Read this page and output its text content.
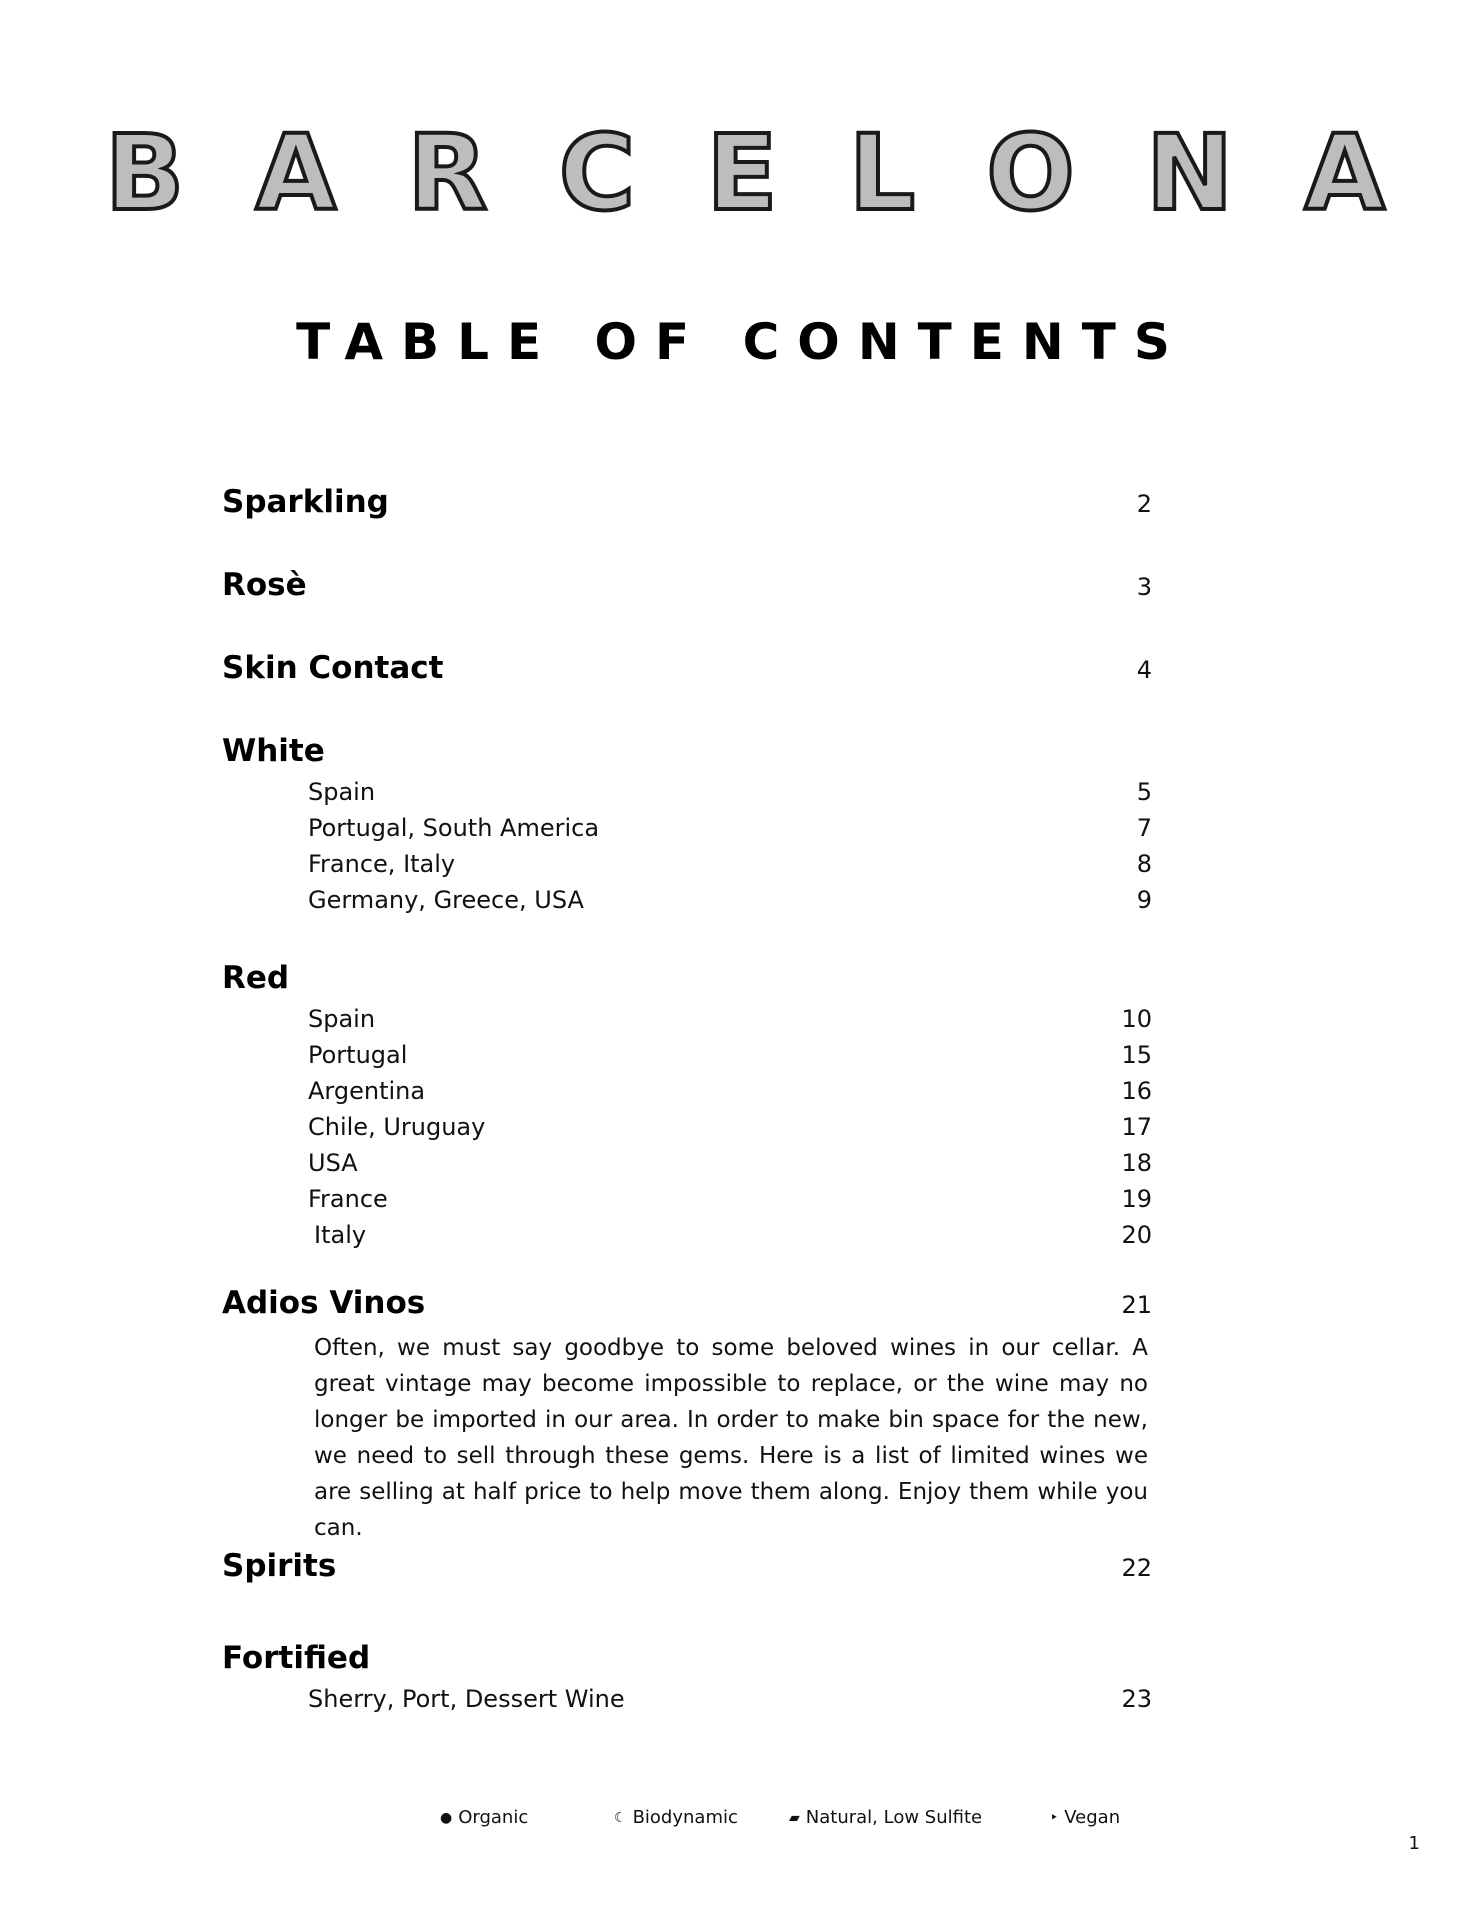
B A R C E L O N A
TABLE OF CONTENTS
Sparkling	2
Rosè	3
Skin Contact	4
White
Spain	5
Portugal, South America	7
France, Italy	8
Germany, Greece, USA	9
Red
Spain	10
Portugal	15
Argentina	16
Chile, Uruguay	17
USA	18
France	19
Italy	20
Adios Vinos	21
Often, we must say goodbye to some beloved wines in our cellar. A great vintage may become impossible to replace, or the wine may no longer be imported in our area. In order to make bin space for the new, we need to sell through these gems. Here is a list of limited wines we are selling at half price to help move them along. Enjoy them while you can.
Spirits	22
Fortified
Sherry, Port, Dessert Wine	23
● Organic	☾ Biodynamic	▰ Natural, Low Sulfite	‣ Vegan
1
